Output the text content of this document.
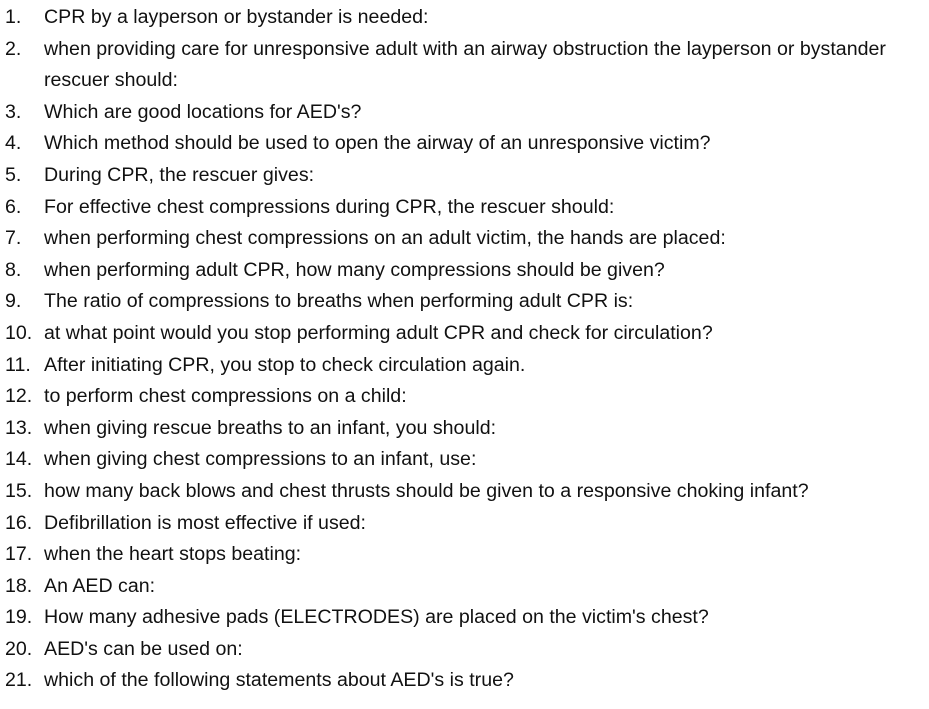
1. CPR by a layperson or bystander is needed:
2. when providing care for unresponsive adult with an airway obstruction the layperson or bystander rescuer should:
3. Which are good locations for AED's?
4. Which method should be used to open the airway of an unresponsive victim?
5. During CPR, the rescuer gives:
6. For effective chest compressions during CPR, the rescuer should:
7. when performing chest compressions on an adult victim, the hands are placed:
8. when performing adult CPR, how many compressions should be given?
9. The ratio of compressions to breaths when performing adult CPR is:
10. at what point would you stop performing adult CPR and check for circulation?
11. After initiating CPR, you stop to check circulation again.
12. to perform chest compressions on a child:
13. when giving rescue breaths to an infant, you should:
14. when giving chest compressions to an infant, use:
15. how many back blows and chest thrusts should be given to a responsive choking infant?
16. Defibrillation is most effective if used:
17. when the heart stops beating:
18. An AED can:
19. How many adhesive pads (ELECTRODES) are placed on the victim's chest?
20. AED's can be used on:
21. which of the following statements about AED's is true?
